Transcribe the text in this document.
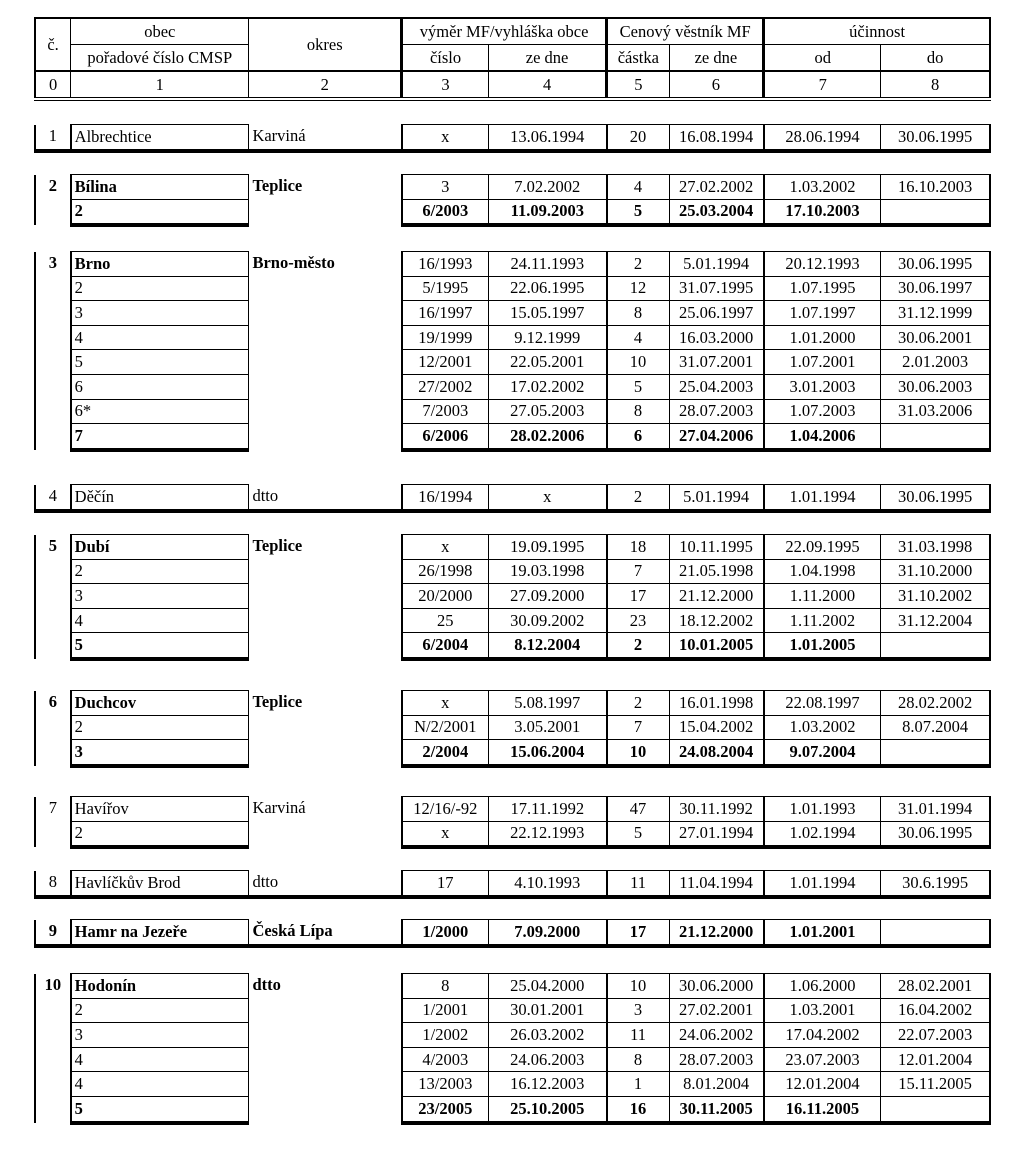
č.	obec	okres	výměr MF/vyhláška obce		Cenový věstník MF		účinnost	
	pořadové číslo CMSP		číslo	ze dne	částka	ze dne	od	do
0	1	2	3	4	5	6	7	8
1	Albrechtice	Karviná	x	13.06.1994	20	16.08.1994	28.06.1994	30.06.1995
2	Bílina	Teplice	3	7.02.2002	4	27.02.2002	1.03.2002	16.10.2003
	2		6/2003	11.09.2003	5	25.03.2004	17.10.2003	
3	Brno	Brno-město	16/1993	24.11.1993	2	5.01.1994	20.12.1993	30.06.1995
	2		5/1995	22.06.1995	12	31.07.1995	1.07.1995	30.06.1997
	3		16/1997	15.05.1997	8	25.06.1997	1.07.1997	31.12.1999
	4		19/1999	9.12.1999	4	16.03.2000	1.01.2000	30.06.2001
	5		12/2001	22.05.2001	10	31.07.2001	1.07.2001	2.01.2003
	6		27/2002	17.02.2002	5	25.04.2003	3.01.2003	30.06.2003
	6*		7/2003	27.05.2003	8	28.07.2003	1.07.2003	31.03.2006
	7		6/2006	28.02.2006	6	27.04.2006	1.04.2006	
4	Děčín	dtto	16/1994	x	2	5.01.1994	1.01.1994	30.06.1995
5	Dubí	Teplice	x	19.09.1995	18	10.11.1995	22.09.1995	31.03.1998
	2		26/1998	19.03.1998	7	21.05.1998	1.04.1998	31.10.2000
	3		20/2000	27.09.2000	17	21.12.2000	1.11.2000	31.10.2002
	4		25	30.09.2002	23	18.12.2002	1.11.2002	31.12.2004
	5		6/2004	8.12.2004	2	10.01.2005	1.01.2005	
6	Duchcov	Teplice	x	5.08.1997	2	16.01.1998	22.08.1997	28.02.2002
	2		N/2/2001	3.05.2001	7	15.04.2002	1.03.2002	8.07.2004
	3		2/2004	15.06.2004	10	24.08.2004	9.07.2004	
7	Havířov	Karviná	12/16/-92	17.11.1992	47	30.11.1992	1.01.1993	31.01.1994
	2		x	22.12.1993	5	27.01.1994	1.02.1994	30.06.1995
8	Havlíčkův Brod	dtto	17	4.10.1993	11	11.04.1994	1.01.1994	30.6.1995
9	Hamr na Jezeře	Česká Lípa	1/2000	7.09.2000	17	21.12.2000	1.01.2001	
10	Hodonín	dtto	8	25.04.2000	10	30.06.2000	1.06.2000	28.02.2001
	2		1/2001	30.01.2001	3	27.02.2001	1.03.2001	16.04.2002
	3		1/2002	26.03.2002	11	24.06.2002	17.04.2002	22.07.2003
	4		4/2003	24.06.2003	8	28.07.2003	23.07.2003	12.01.2004
	4		13/2003	16.12.2003	1	8.01.2004	12.01.2004	15.11.2005
	5		23/2005	25.10.2005	16	30.11.2005	16.11.2005	
